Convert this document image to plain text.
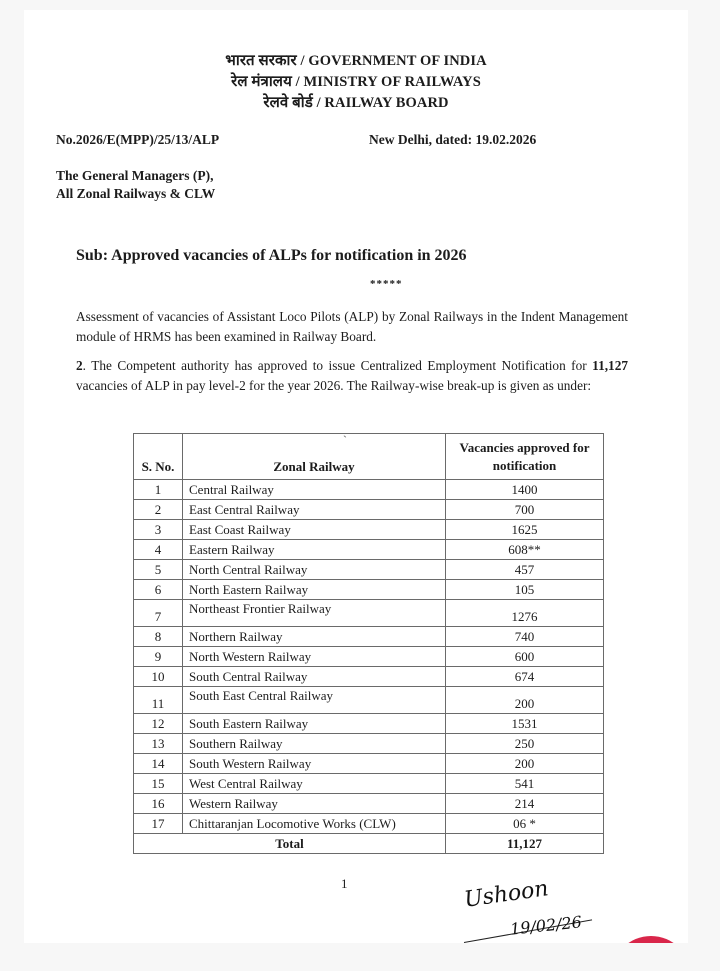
भारत सरकार / GOVERNMENT OF INDIA
रेल मंत्रालय / MINISTRY OF RAILWAYS
रेलवे बोर्ड / RAILWAY BOARD
No.2026/E(MPP)/25/13/ALP	New Delhi, dated: 19.02.2026
The General Managers (P),
All Zonal Railways & CLW
Sub: Approved vacancies of ALPs for notification in 2026
*****
Assessment of vacancies of Assistant Loco Pilots (ALP) by Zonal Railways in the Indent Management module of HRMS has been examined in Railway Board.
2. The Competent authority has approved to issue Centralized Employment Notification for 11,127 vacancies of ALP in pay level-2 for the year 2026. The Railway-wise break-up is given as under:
ˏ
S. No.	Zonal Railway	Vacancies approved for notification
1	Central Railway	1400
2	East Central Railway	700
3	East Coast Railway	1625
4	Eastern Railway	608**
5	North Central Railway	457
6	North Eastern Railway	105
7	Northeast Frontier Railway	1276
8	Northern Railway	740
9	North Western Railway	600
10	South Central Railway	674
11	South East Central Railway	200
12	South Eastern Railway	1531
13	Southern Railway	250
14	South Western Railway	200
15	West Central Railway	541
16	Western Railway	214
17	Chittaranjan Locomotive Works (CLW)	06 *
Total		11,127
1	Ushoon
19/02/26
